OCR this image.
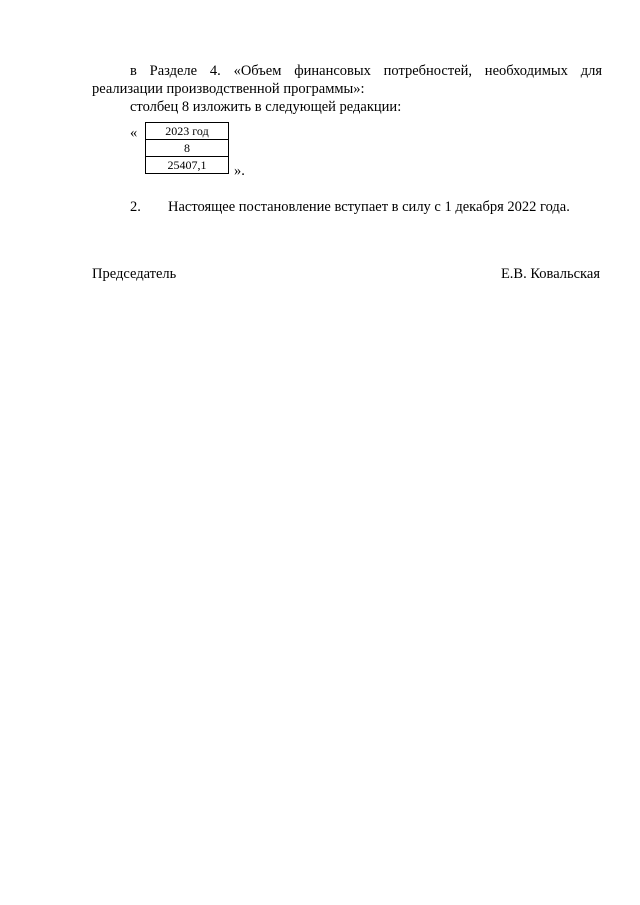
в Разделе 4. «Объем финансовых потребностей, необходимых для реализации производственной программы»:

столбец 8 изложить в следующей редакции:

« 2023 год
8
25407,1 ».
2. Настоящее постановление вступает в силу с 1 декабря 2022 года.
Председатель	Е.В. Ковальская
